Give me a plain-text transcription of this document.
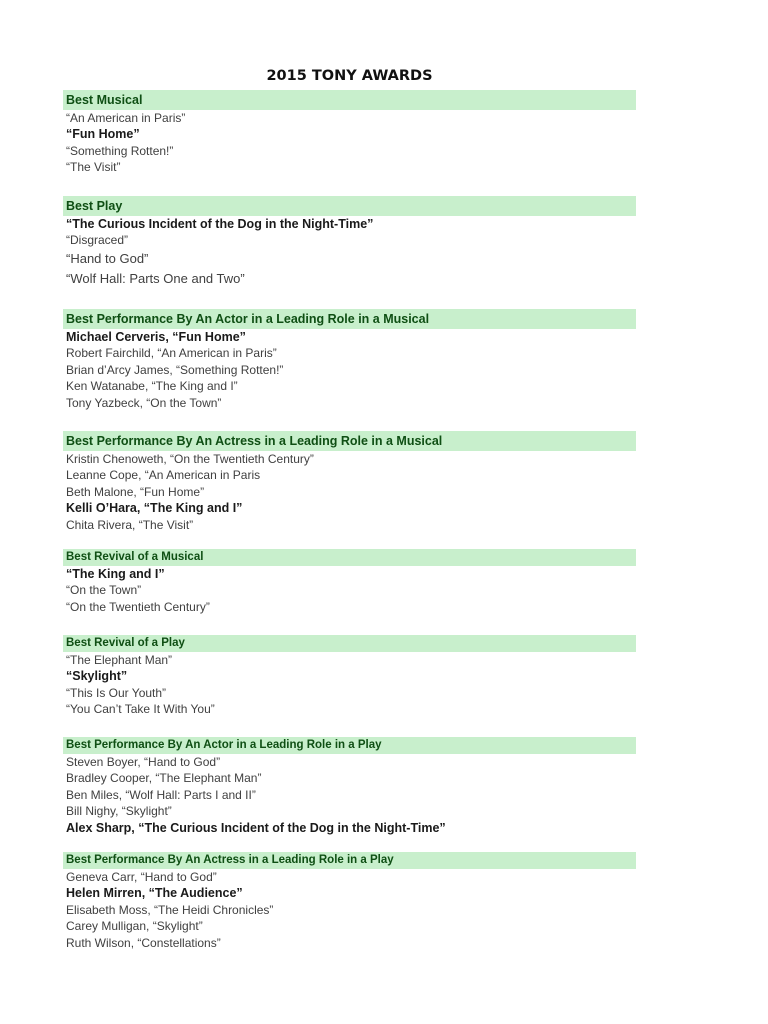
2015 TONY AWARDS
Best Musical
“An American in Paris”
“Fun Home”
“Something Rotten!”
“The Visit”
Best Play
“The Curious Incident of the Dog in the Night-Time”
“Disgraced”
“Hand to God”
“Wolf Hall: Parts One and Two”
Best Performance By An Actor in a Leading Role in a Musical
Michael Cerveris, “Fun Home”
Robert Fairchild, “An American in Paris”
Brian d’Arcy James, “Something Rotten!”
Ken Watanabe, “The King and I”
Tony Yazbeck, “On the Town”
Best Performance By An Actress in a Leading Role in a Musical
Kristin Chenoweth, “On the Twentieth Century”
Leanne Cope, “An American in Paris
Beth Malone, “Fun Home”
Kelli O’Hara, “The King and I”
Chita Rivera, “The Visit”
Best Revival of a Musical
“The King and I”
“On the Town”
“On the Twentieth Century”
Best Revival of a Play
“The Elephant Man”
“Skylight”
“This Is Our Youth”
“You Can’t Take It With You”
Best Performance By An Actor in a Leading Role in a Play
Steven Boyer, “Hand to God”
Bradley Cooper, “The Elephant Man”
Ben Miles, “Wolf Hall: Parts I and II”
Bill Nighy, “Skylight”
Alex Sharp, “The Curious Incident of the Dog in the Night-Time”
Best Performance By An Actress in a Leading Role in a Play
Geneva Carr, “Hand to God”
Helen Mirren, “The Audience”
Elisabeth Moss, “The Heidi Chronicles”
Carey Mulligan, “Skylight”
Ruth Wilson, “Constellations”
